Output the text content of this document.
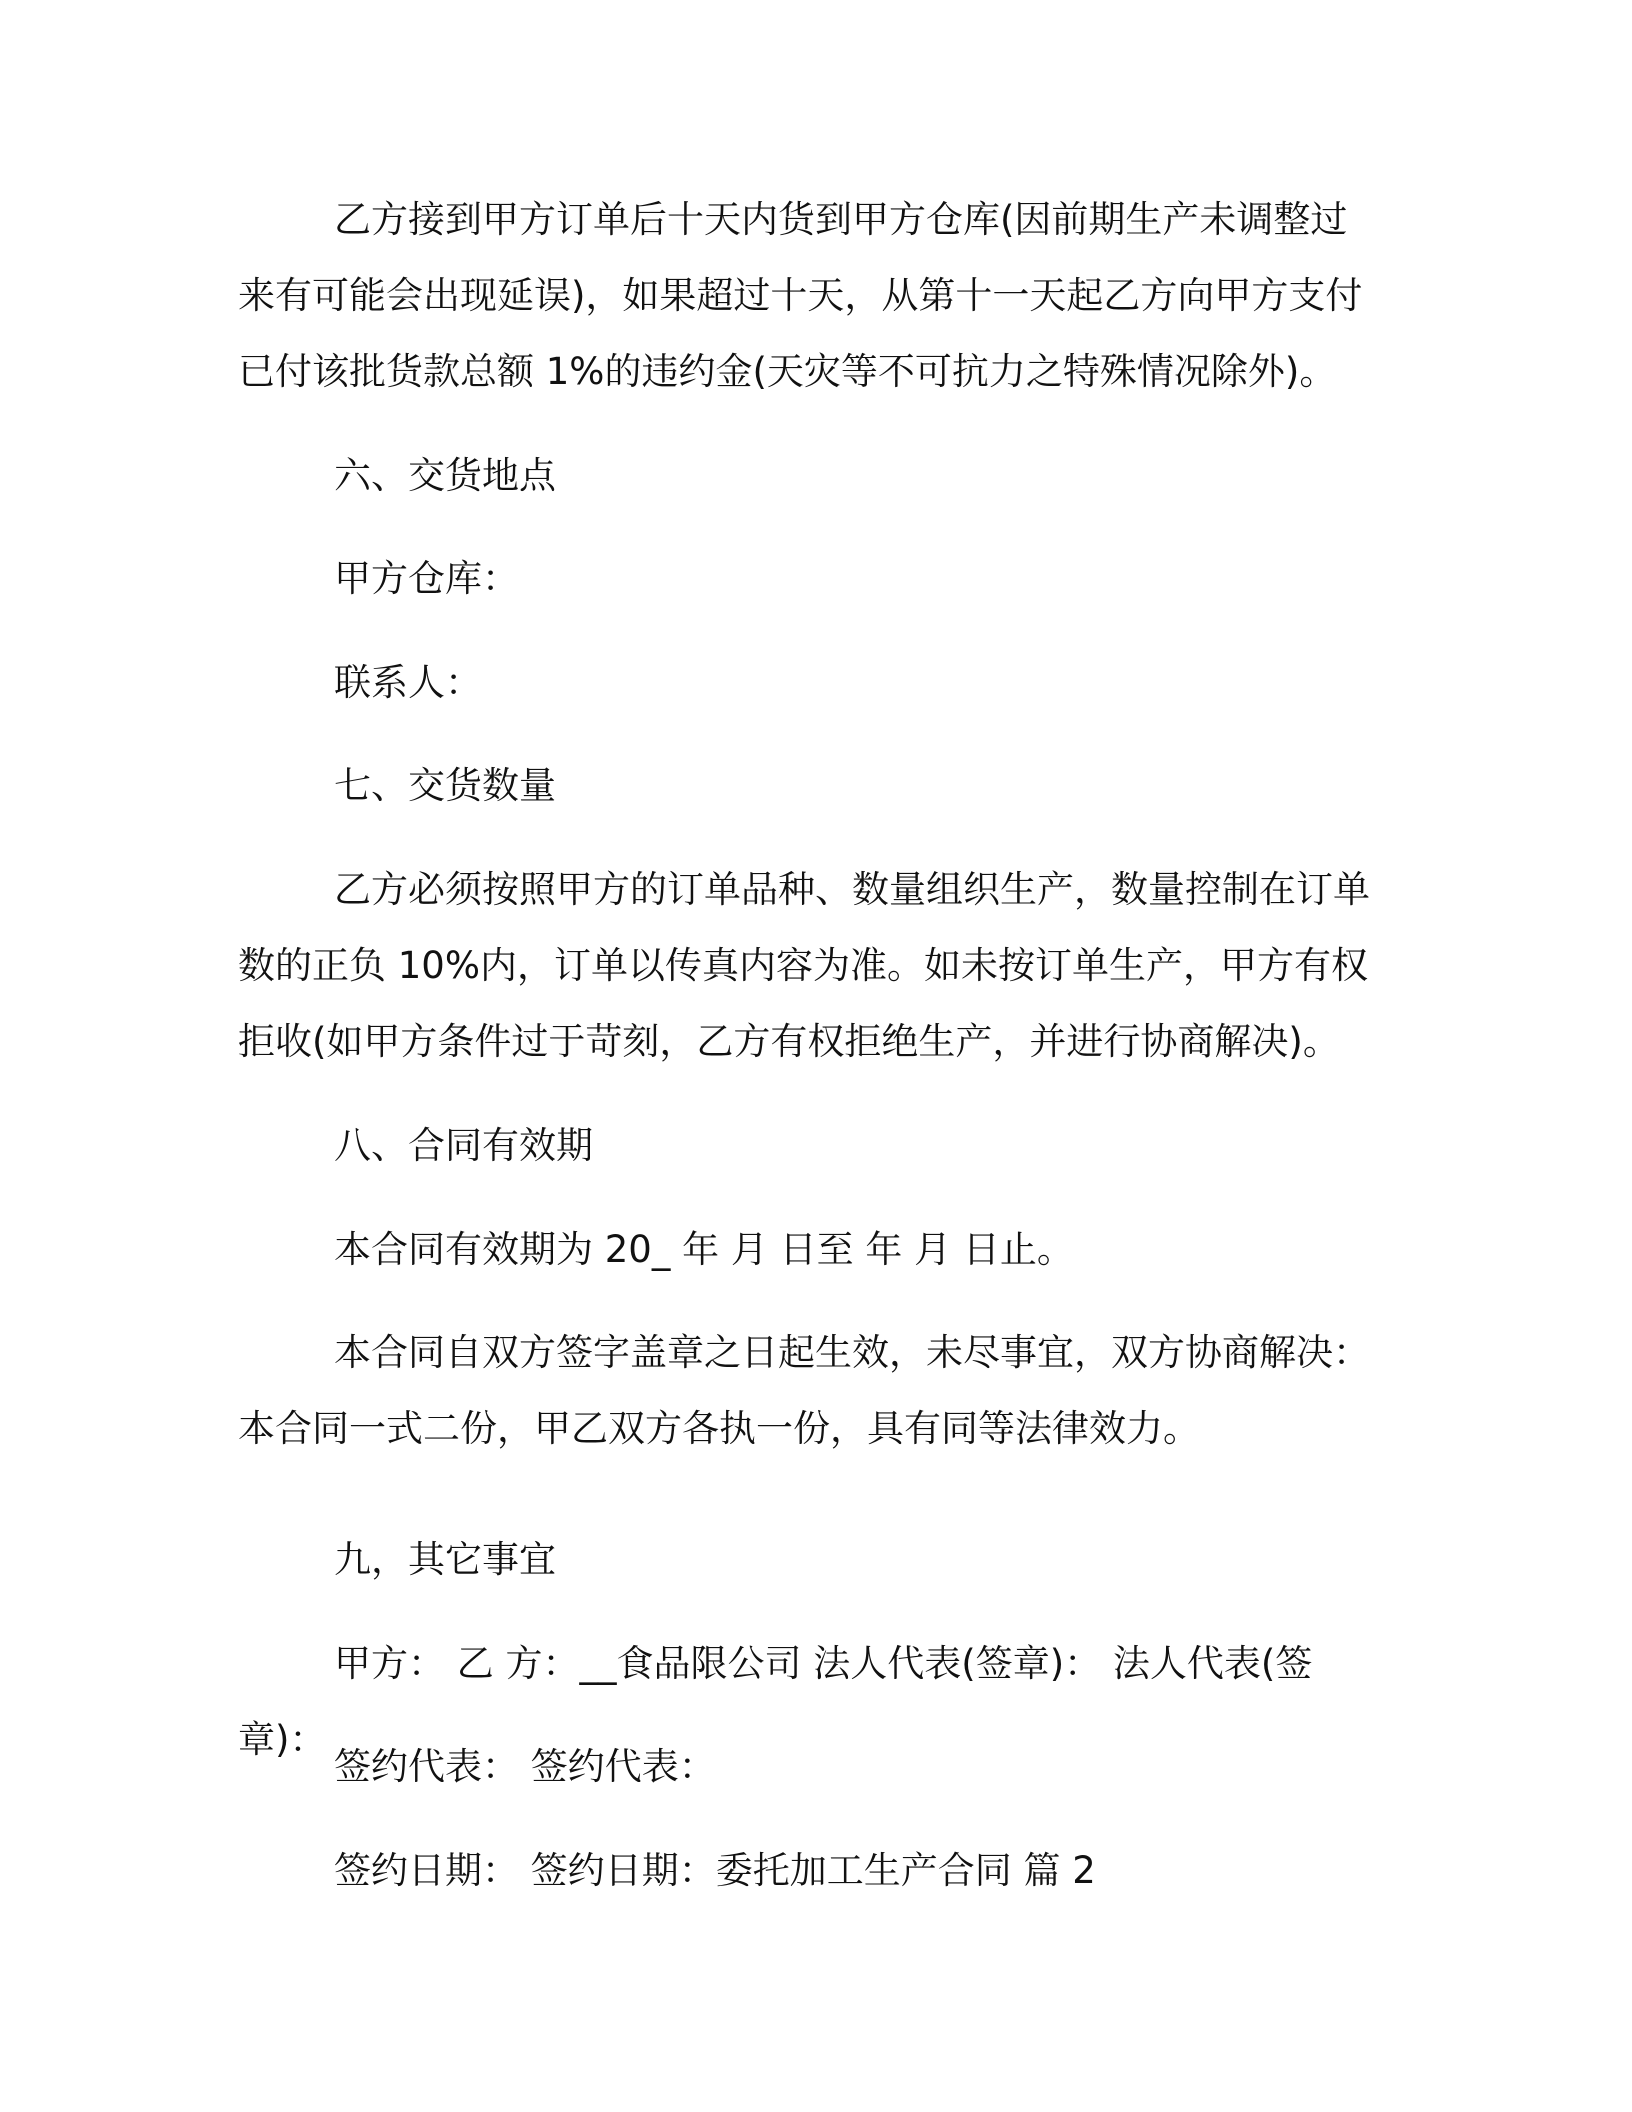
乙方接到甲方订单后十天内货到甲方仓库(因前期生产未调整过来有可能会出现延误)，如果超过十天，从第十一天起乙方向甲方支付已付该批货款总额 1%的违约金(天灾等不可抗力之特殊情况除外)。

六、交货地点

甲方仓库：

联系人：

七、交货数量

乙方必须按照甲方的订单品种、数量组织生产，数量控制在订单数的正负 10%内，订单以传真内容为准。如未按订单生产，甲方有权拒收(如甲方条件过于苛刻，乙方有权拒绝生产，并进行协商解决)。

八、合同有效期

本合同有效期为 20_ 年 月 日至 年 月 日止。

本合同自双方签字盖章之日起生效，未尽事宜，双方协商解决：本合同一式二份，甲乙双方各执一份，具有同等法律效力。

九，其它事宜

甲方： 乙 方：__食品限公司 法人代表(签章)： 法人代表(签章)：

签约代表： 签约代表：

签约日期： 签约日期：委托加工生产合同 篇 2
